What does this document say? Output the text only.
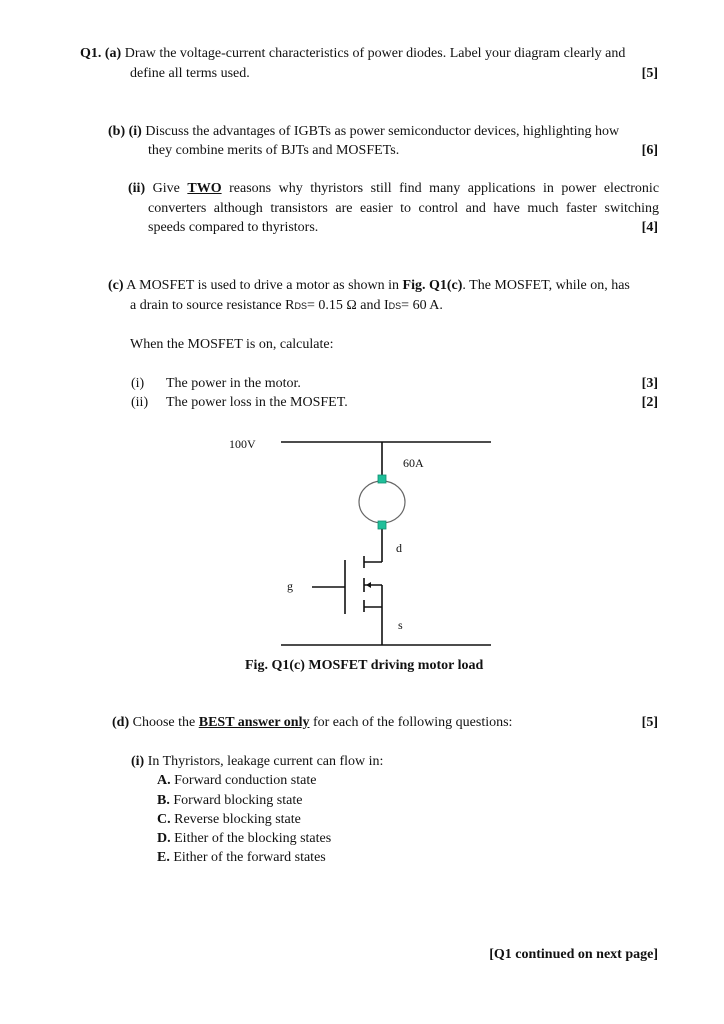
Q1. (a) Draw the voltage-current characteristics of power diodes. Label your diagram clearly and
define all terms used.	[5]
(b) (i) Discuss the advantages of IGBTs as power semiconductor devices, highlighting how
they combine merits of BJTs and MOSFETs.	[6]
(ii) Give TWO reasons why thyristors still find many applications in power electronic
converters although transistors are easier to control and have much faster switching
speeds compared to thyristors.	[4]
(c) A MOSFET is used to drive a motor as shown in Fig. Q1(c). The MOSFET, while on, has
a drain to source resistance RDS= 0.15 Ω and IDS= 60 A.
When the MOSFET is on, calculate:
(i) The power in the motor.	[3]
(ii) The power loss in the MOSFET.	[2]
100V
60A
d
g
s
Fig. Q1(c) MOSFET driving motor load
(d) Choose the BEST answer only for each of the following questions:	[5]
(i) In Thyristors, leakage current can flow in:
A. Forward conduction state
B. Forward blocking state
C. Reverse blocking state
D. Either of the blocking states
E. Either of the forward states
[Q1 continued on next page]
